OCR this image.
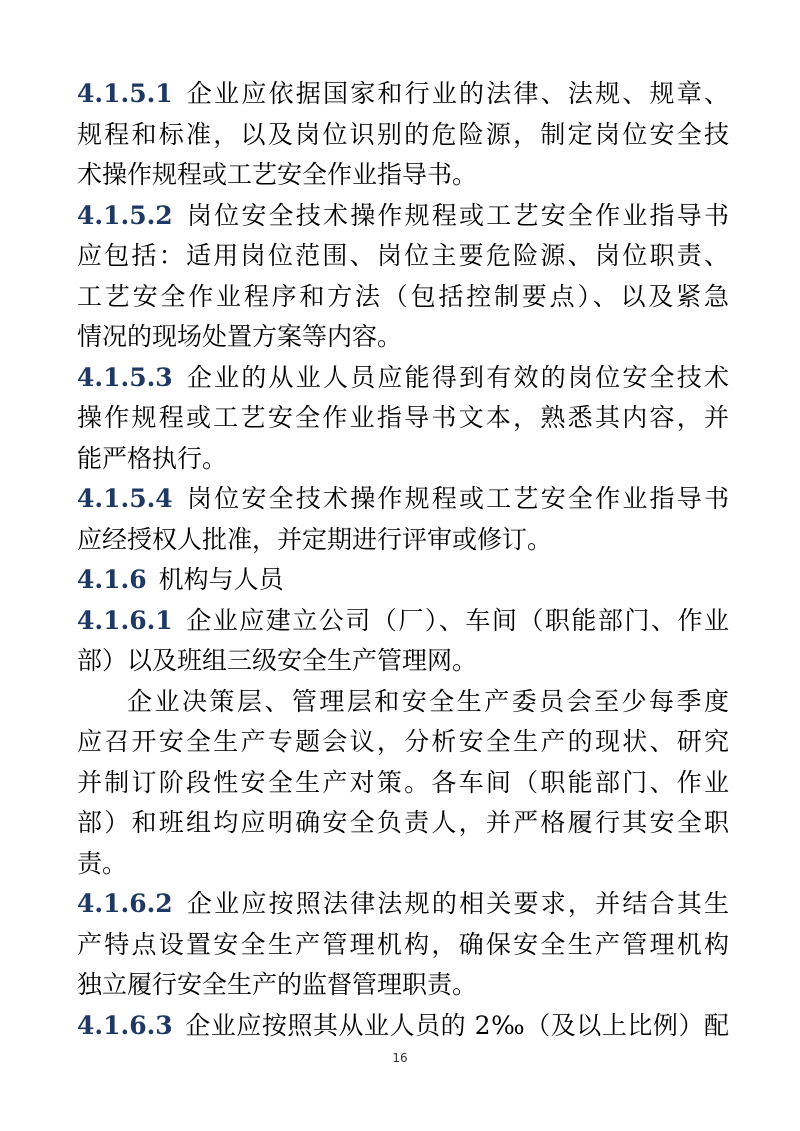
4.1.5.1 企业应依据国家和行业的法律、法规、规章、
规程和标准，以及岗位识别的危险源，制定岗位安全技
术操作规程或工艺安全作业指导书。
4.1.5.2 岗位安全技术操作规程或工艺安全作业指导书
应包括：适用岗位范围、岗位主要危险源、岗位职责、
工艺安全作业程序和方法（包括控制要点）、以及紧急
情况的现场处置方案等内容。
4.1.5.3 企业的从业人员应能得到有效的岗位安全技术
操作规程或工艺安全作业指导书文本，熟悉其内容，并
能严格执行。
4.1.5.4 岗位安全技术操作规程或工艺安全作业指导书
应经授权人批准，并定期进行评审或修订。
4.1.6 机构与人员
4.1.6.1 企业应建立公司（厂）、车间（职能部门、作业
部）以及班组三级安全生产管理网。
企业决策层、管理层和安全生产委员会至少每季度
应召开安全生产专题会议，分析安全生产的现状、研究
并制订阶段性安全生产对策。各车间（职能部门、作业
部）和班组均应明确安全负责人，并严格履行其安全职
责。
4.1.6.2 企业应按照法律法规的相关要求，并结合其生
产特点设置安全生产管理机构，确保安全生产管理机构
独立履行安全生产的监督管理职责。
4.1.6.3 企业应按照其从业人员的 2‰（及以上比例）配
16
